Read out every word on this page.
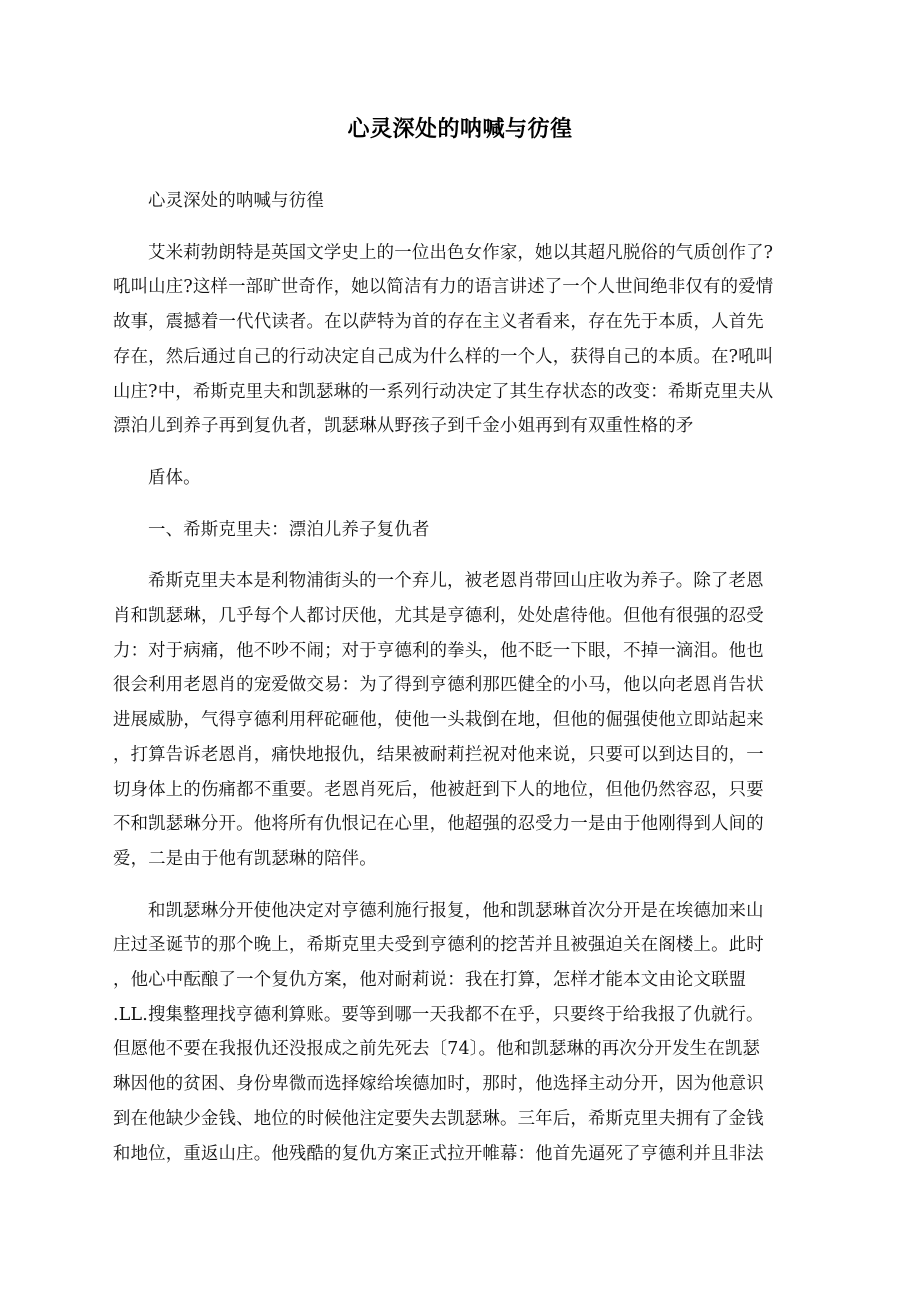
心灵深处的呐喊与彷徨

心灵深处的呐喊与彷徨

艾米莉勃朗特是英国文学史上的一位出色女作家，她以其超凡脱俗的气质创作了?
吼叫山庄?这样一部旷世奇作，她以简洁有力的语言讲述了一个人世间绝非仅有的爱情
故事，震撼着一代代读者。在以萨特为首的存在主义者看来，存在先于本质，人首先
存在，然后通过自己的行动决定自己成为什么样的一个人，获得自己的本质。在?吼叫
山庄?中，希斯克里夫和凯瑟琳的一系列行动决定了其生存状态的改变：希斯克里夫从
漂泊儿到养子再到复仇者，凯瑟琳从野孩子到千金小姐再到有双重性格的矛

盾体。

一、希斯克里夫：漂泊儿养子复仇者

希斯克里夫本是利物浦街头的一个弃儿，被老恩肖带回山庄收为养子。除了老恩
肖和凯瑟琳，几乎每个人都讨厌他，尤其是亨德利，处处虐待他。但他有很强的忍受
力：对于病痛，他不吵不闹；对于亨德利的拳头，他不眨一下眼，不掉一滴泪。他也
很会利用老恩肖的宠爱做交易：为了得到亨德利那匹健全的小马，他以向老恩肖告状
进展威胁，气得亨德利用秤砣砸他，使他一头栽倒在地，但他的倔强使他立即站起来
，打算告诉老恩肖，痛快地报仇，结果被耐莉拦祝对他来说，只要可以到达目的，一
切身体上的伤痛都不重要。老恩肖死后，他被赶到下人的地位，但他仍然容忍，只要
不和凯瑟琳分开。他将所有仇恨记在心里，他超强的忍受力一是由于他刚得到人间的
爱，二是由于他有凯瑟琳的陪伴。

和凯瑟琳分开使他决定对亨德利施行报复，他和凯瑟琳首次分开是在埃德加来山
庄过圣诞节的那个晚上，希斯克里夫受到亨德利的挖苦并且被强迫关在阁楼上。此时
，他心中酝酿了一个复仇方案，他对耐莉说：我在打算，怎样才能本文由论文联盟
.LL.搜集整理找亨德利算账。要等到哪一天我都不在乎，只要终于给我报了仇就行。
但愿他不要在我报仇还没报成之前先死去〔74〕。他和凯瑟琳的再次分开发生在凯瑟
琳因他的贫困、身份卑微而选择嫁给埃德加时，那时，他选择主动分开，因为他意识
到在他缺少金钱、地位的时候他注定要失去凯瑟琳。三年后，希斯克里夫拥有了金钱
和地位，重返山庄。他残酷的复仇方案正式拉开帷幕：他首先逼死了亨德利并且非法
